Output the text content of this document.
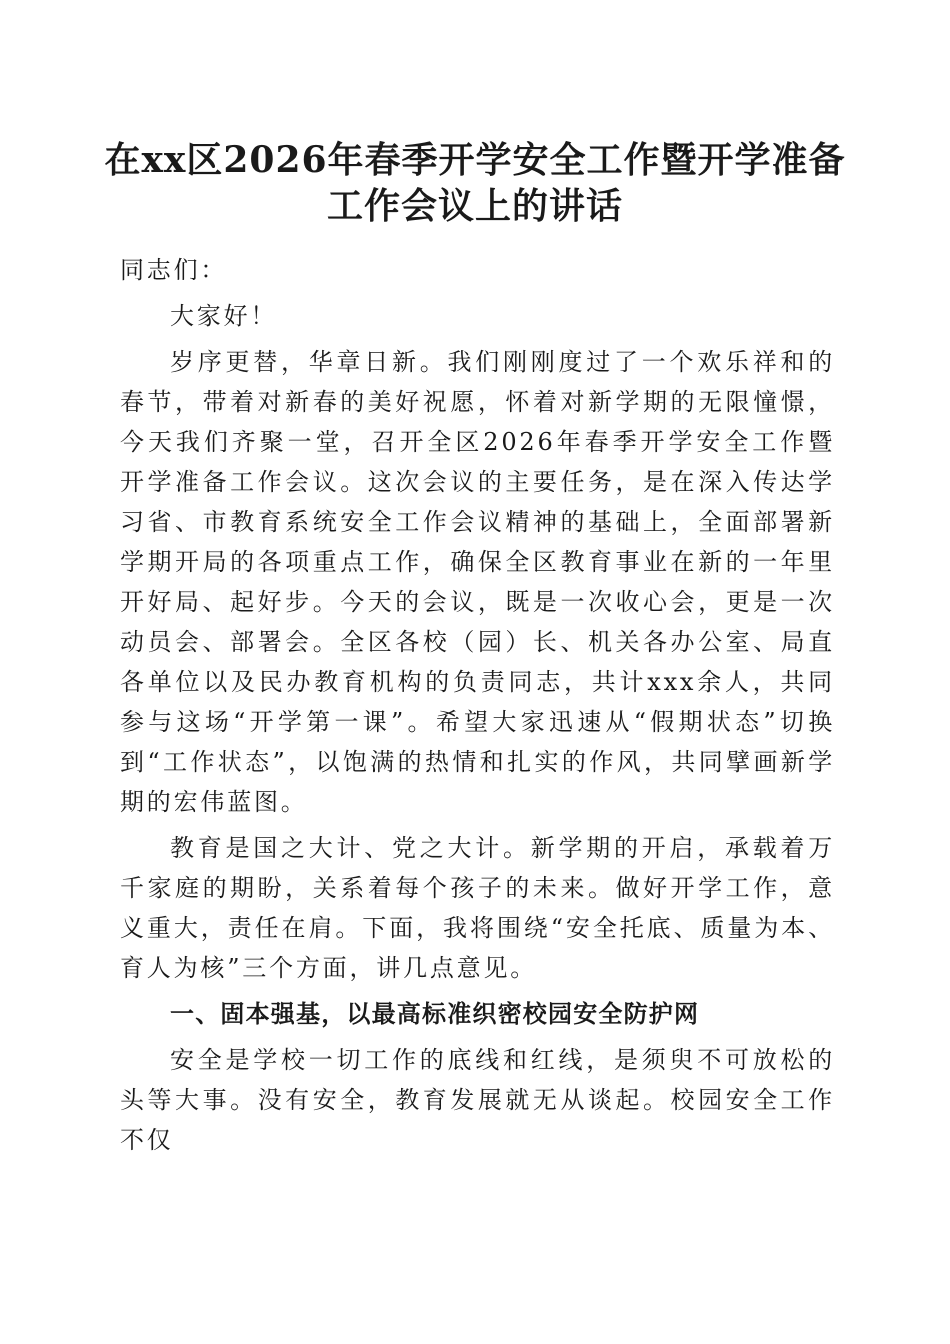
在xx区2026年春季开学安全工作暨开学准备
工作会议上的讲话

同志们：

大家好！

岁序更替，华章日新。我们刚刚度过了一个欢乐祥和的春节，带着对新春的美好祝愿，怀着对新学期的无限憧憬，今天我们齐聚一堂，召开全区2026年春季开学安全工作暨开学准备工作会议。这次会议的主要任务，是在深入传达学习省、市教育系统安全工作会议精神的基础上，全面部署新学期开局的各项重点工作，确保全区教育事业在新的一年里开好局、起好步。今天的会议，既是一次收心会，更是一次动员会、部署会。全区各校（园）长、机关各办公室、局直各单位以及民办教育机构的负责同志，共计xxx余人，共同参与这场“开学第一课”。希望大家迅速从“假期状态”切换到“工作状态”，以饱满的热情和扎实的作风，共同擘画新学期的宏伟蓝图。

教育是国之大计、党之大计。新学期的开启，承载着万千家庭的期盼，关系着每个孩子的未来。做好开学工作，意义重大，责任在肩。下面，我将围绕“安全托底、质量为本、育人为核”三个方面，讲几点意见。

一、固本强基，以最高标准织密校园安全防护网

安全是学校一切工作的底线和红线，是须臾不可放松的头等大事。没有安全，教育发展就无从谈起。校园安全工作不仅
